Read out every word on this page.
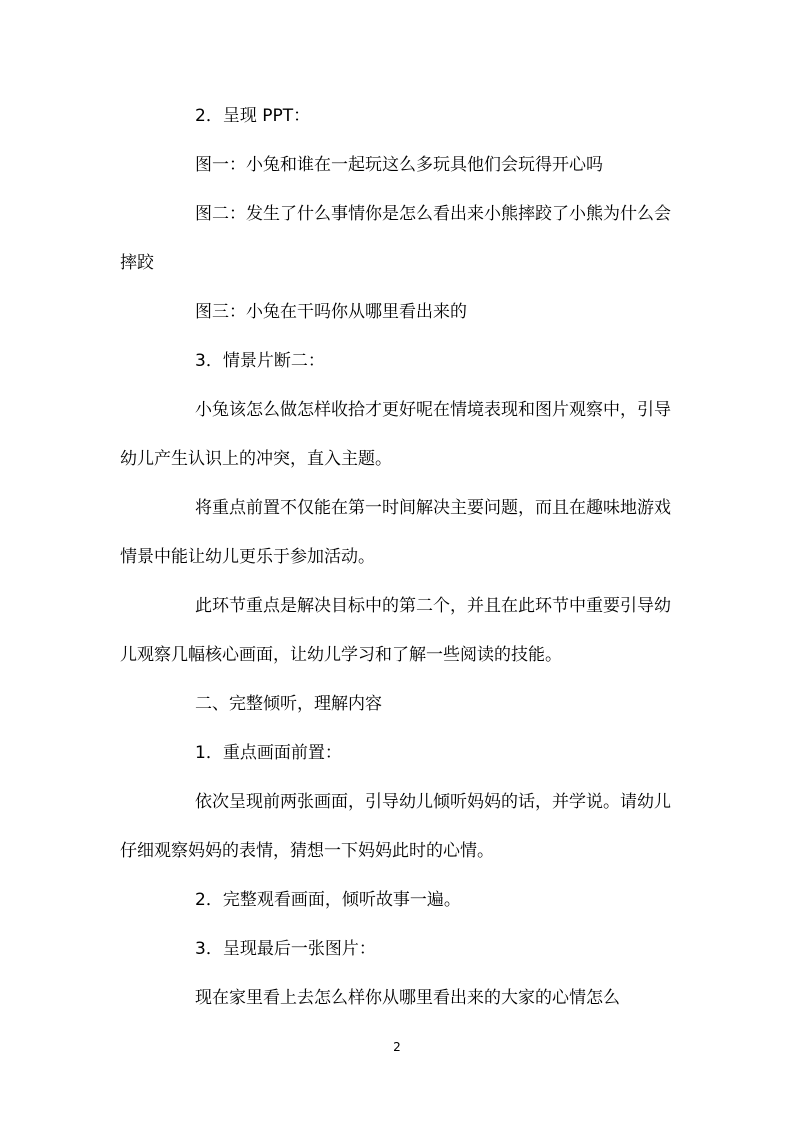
2．呈现 PPT：

图一：小兔和谁在一起玩这么多玩具他们会玩得开心吗

图二：发生了什么事情你是怎么看出来小熊摔跤了小熊为什么会摔跤

图三：小兔在干吗你从哪里看出来的

3．情景片断二：

小兔该怎么做怎样收拾才更好呢在情境表现和图片观察中，引导幼儿产生认识上的冲突，直入主题。

将重点前置不仅能在第一时间解决主要问题，而且在趣味地游戏情景中能让幼儿更乐于参加活动。

此环节重点是解决目标中的第二个，并且在此环节中重要引导幼儿观察几幅核心画面，让幼儿学习和了解一些阅读的技能。

二、完整倾听，理解内容

1．重点画面前置：

依次呈现前两张画面，引导幼儿倾听妈妈的话，并学说。请幼儿仔细观察妈妈的表情，猜想一下妈妈此时的心情。

2．完整观看画面，倾听故事一遍。

3．呈现最后一张图片：

现在家里看上去怎么样你从哪里看出来的大家的心情怎么

2
